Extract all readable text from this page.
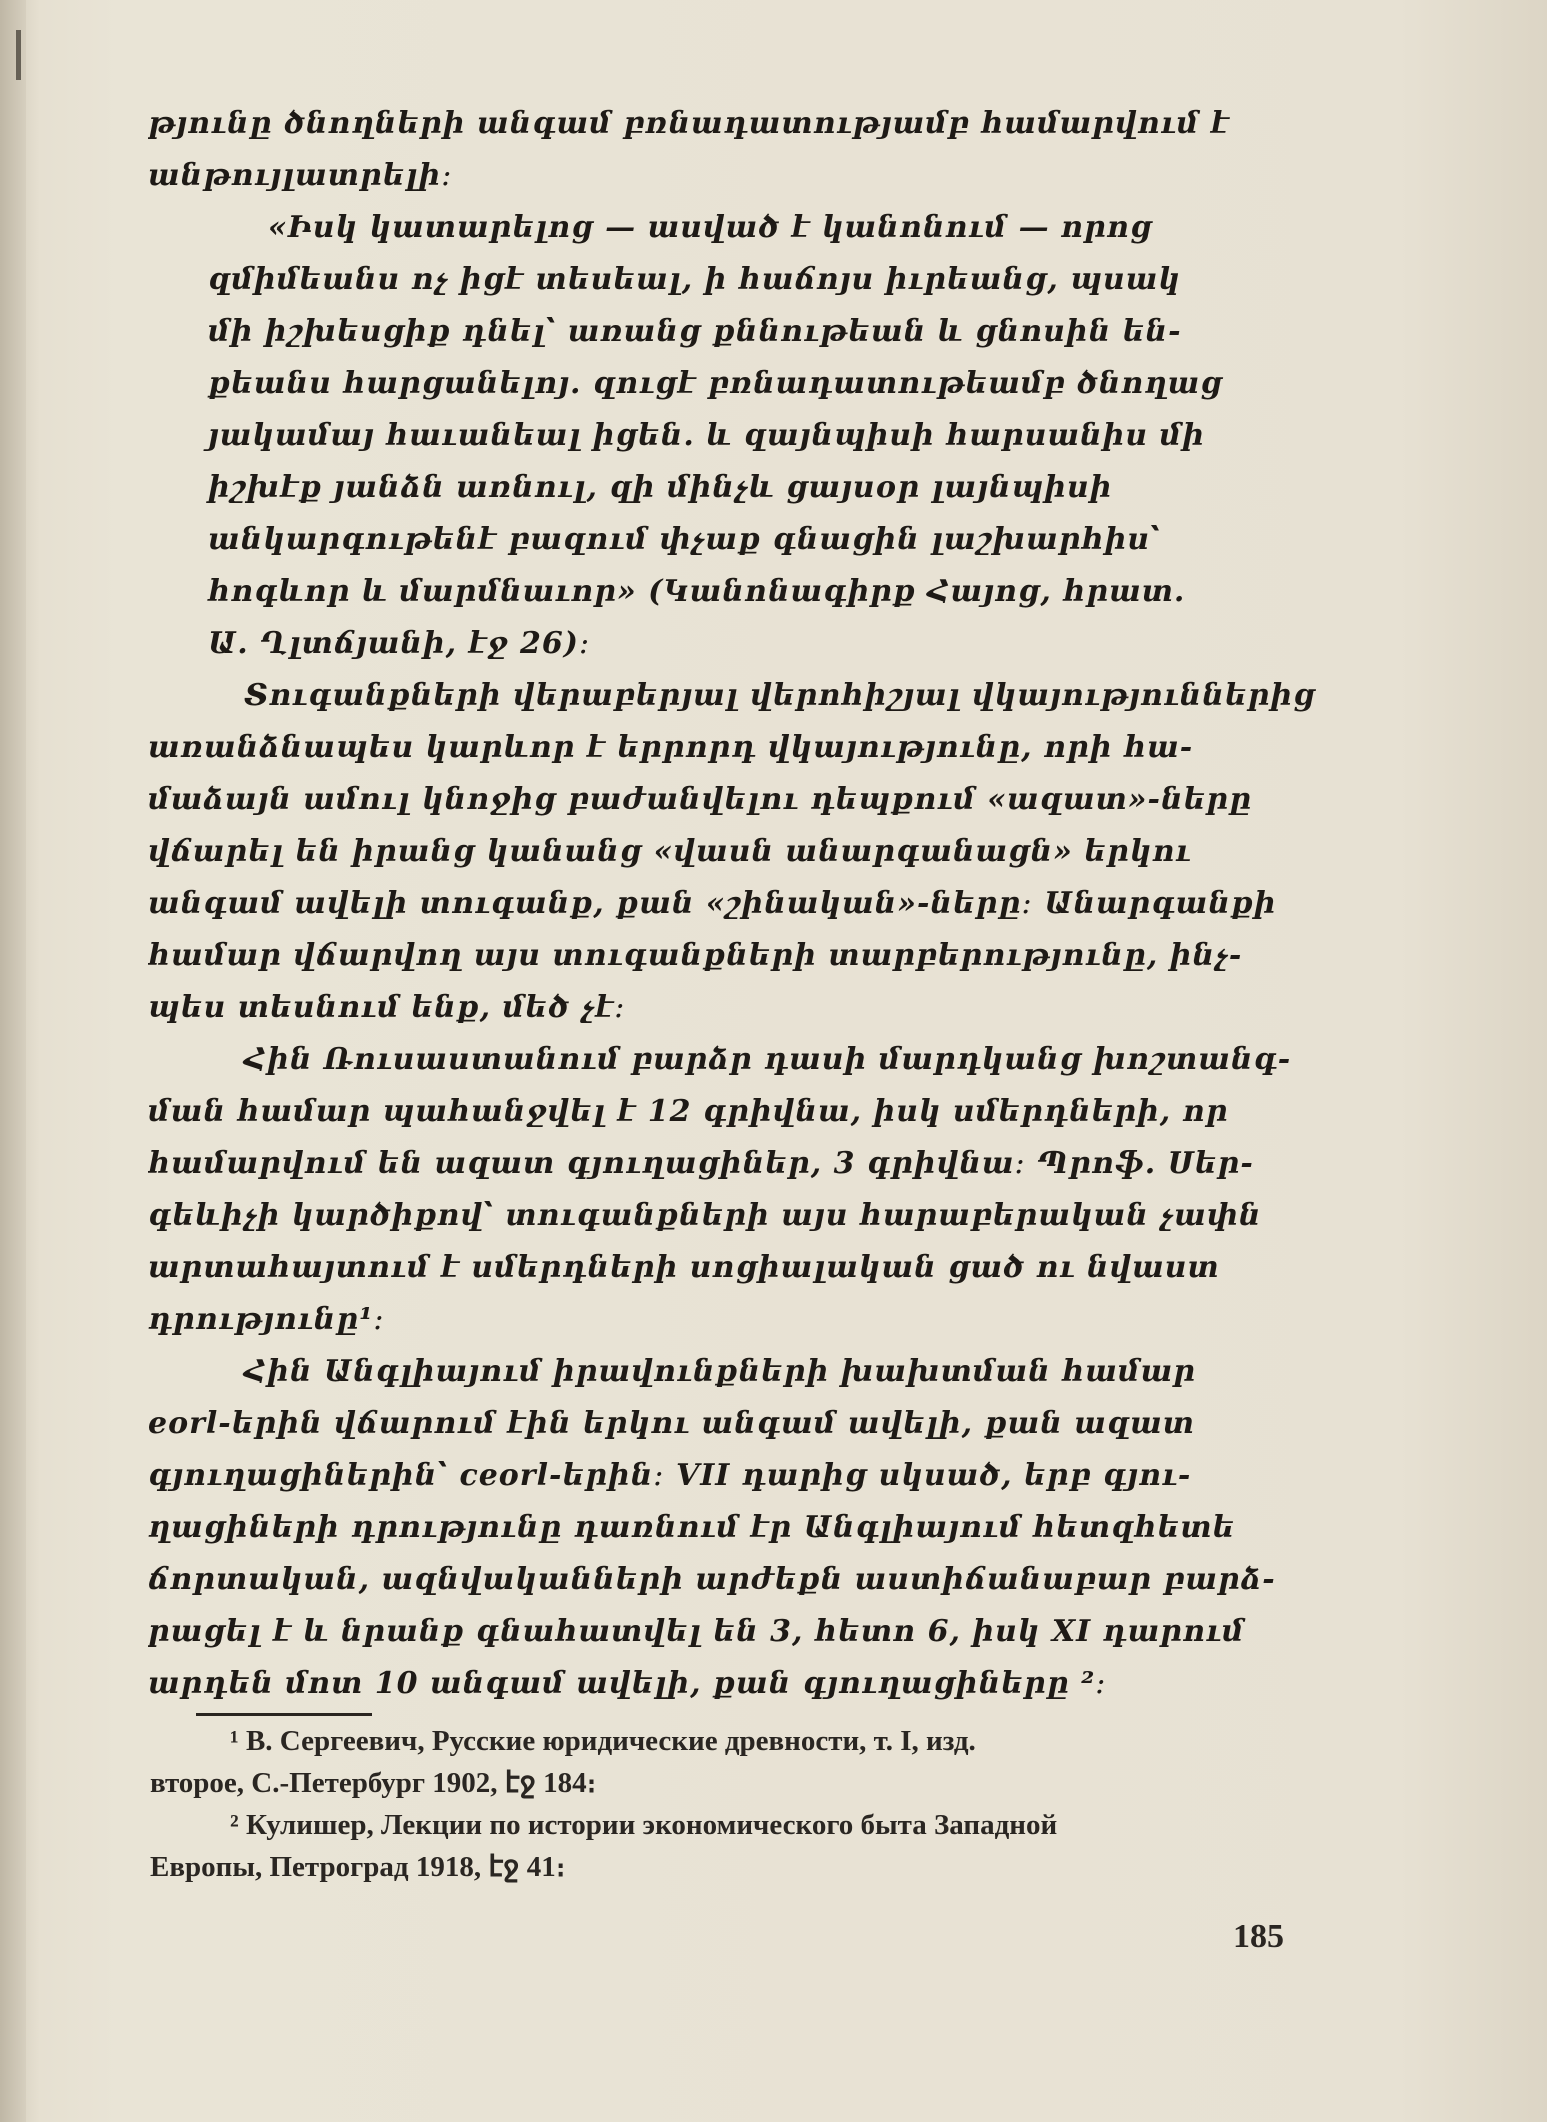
թյունը ծնողների անգամ բռնադատությամբ համարվում է
անթույլատրելի։
«Իսկ կատարելոց — ասված է կանոնում — որոց
զմիմեանս ոչ իցէ տեսեալ, ի հաճոյս իւրեանց, պսակ
մի իշխեսցիք դնել՝ առանց քննութեան և ցնոսին են-
քեանս հարցանելոյ. զուցէ բռնադատութեամբ ծնողաց
յակամայ հաւանեալ իցեն. և զայնպիսի հարսանիս մի
իշխէք յանձն առնուլ, զի մինչև ցայսօր լայնպիսի
անկարգութենէ բազում փչաք գնացին լաշխարհիս՝
հոգևոր և մարմնաւոր» (Կանոնագիրք Հայոց, հրատ.
Ա. Ղլտճյանի, էջ 26)։
Տուգանքների վերաբերյալ վերոհիշյալ վկայություններից
առանձնապես կարևոր է երրորդ վկայությունը, որի հա-
մաձայն ամուլ կնոջից բաժանվելու դեպքում «ազատ»-ները
վճարել են իրանց կանանց «վասն անարգանացն» երկու
անգամ ավելի տուգանք, քան «շինական»-ները։ Անարգանքի
համար վճարվող այս տուգանքների տարբերությունը, ինչ-
պես տեսնում ենք, մեծ չէ։
Հին Ռուսաստանում բարձր դասի մարդկանց խոշտանգ-
ման համար պահանջվել է 12 գրիվնա, իսկ սմերդների, որ
համարվում են ազատ գյուղացիներ, 3 գրիվնա։ Պրոֆ. Սեր-
գեևիչի կարծիքով՝ տուգանքների այս հարաբերական չափն
արտահայտում է սմերդների սոցիալական ցած ու նվաստ
դրությունը¹։
Հին Անգլիայում իրավունքների խախտման համար
eorl-երին վճարում էին երկու անգամ ավելի, քան ազատ
գյուղացիներին՝ ceorl-երին։ VII դարից սկսած, երբ գյու-
ղացիների դրությունը դառնում էր Անգլիայում հետզհետե
ճորտական, ազնվականների արժեքն աստիճանաբար բարձ-
րացել է և նրանք գնահատվել են 3, հետո 6, իսկ XI դարում
արդեն մոտ 10 անգամ ավելի, քան գյուղացիները ²։
¹ В. Сергеевич, Русские юридические древности, т. I, изд.
второе, С.-Петербург 1902, էջ 184։
² Кулишер, Лекции по истории экономического быта Западной
Европы, Петроград 1918, էջ 41։
185
